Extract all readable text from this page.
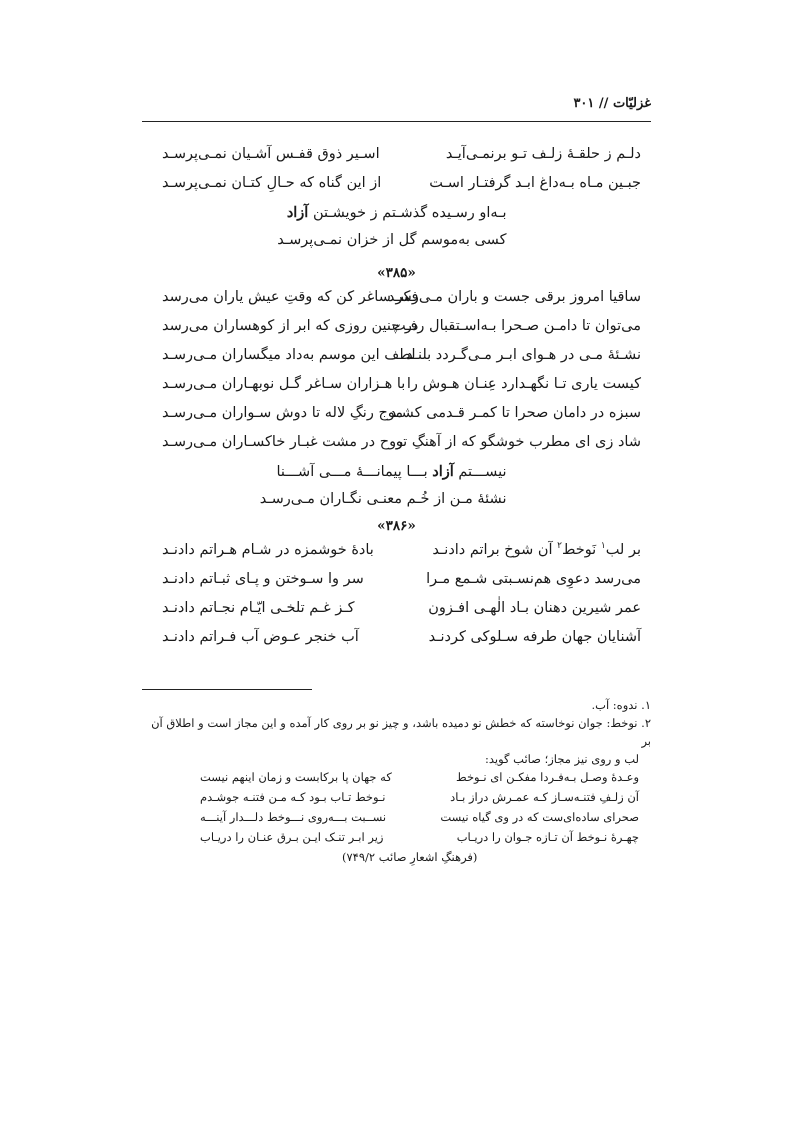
غزلیّات // ۳۰۱
دلـم ز حلقـهٔ زلـف تـو برنمـی‌آیـد
اسـیر ذوق قفـس آشـیان نمـی‌پرسـد
جبـین مـاه بـه‌داغ ابـد گرفتـار اسـت
از این گناه که حـالِ کتـان نمـی‌پرسـد
بـه‌او رسـیده گذشـتم ز خویشـتن آزاد
کسی به‌موسم گل از خزان نمـی‌پرسـد
«۳۸۵»
ساقیا امروز برقی جست و باران مـی‌رسـد
فکر ساغر کن که وقتِ عیش یاران می‌رسد
می‌توان تا دامـن صـحرا بـه‌اسـتقبال رفـت
در چنین روزی که ابر از کوهساران می‌رسد
نشـئهٔ مـی در هـوای ابـر مـی‌گـردد بلنـد
لطف این موسم به‌داد میگساران مـی‌رسـد
کیست یاری تـا نگهـدارد عِنـان هـوش را
با هـزاران سـاغر گـل نوبهـاران مـی‌رسـد
سبزه در دامان صحرا تا کمـر قـدمی کشـد
موج رنگِ لاله تا دوش سـواران مـی‌رسـد
شاد زی ای مطرب خوشگو که از آهنگِ تو
روح در مشت غبـار خاکسـاران مـی‌رسـد
نیســـتم آزاد بـــا پیمانـــهٔ مـــی آشـــنا
نشئهٔ مـن از خُـم معنـی نگـاران مـی‌رسـد
«۳۸۶»
بر لب$^۱$ نَوخط$^۲$ آن شوخ براتم دادنـد
بادهٔ خوشمزه در شـام هـراتم دادنـد
می‌رسد دعوِی هم‌نسـبتی شـمع مـرا
سر وا سـوختن و پـای ثبـاتم دادنـد
عمر شیرین دهنان بـاد الٰهـی افـزون
کـز غـم تلخـی ایّـام نجـاتم دادنـد
آشنایان جهان طرفه سـلوکی کردنـد
آب خنجر عـوض آب فـراتم دادنـد
۱. ندوه: آب.
۲. نوخط: جوان نوخاسته که خطش نو دمیده باشد، و چیز نو بر روی کار آمده و این مجاز است و اطلاق آن بر
لب و روی نیز مجاز؛ صائب گوید:
وعـدهٔ وصـل بـه‌فـردا مفکـن ای نـوخط
که جهان پا برکابست و زمان اینهم نیست
آن زلـفِ فتنـه‌سـاز کـه عمـرش دراز بـاد
نـوخط تـاب بـود کـه مـن فتنـه جوشـدم
صحرای ساده‌ای‌ست که در وی گیاه نیست
نســبت بـــه‌روی نـــوخط دلـــدار آینـــه
چهـرهٔ نـوخط آن تـازه جـوان را دریـاب
زیر ابـر تنـک ایـن بـرق عنـان را دریـاب
(فرهنگِ اشعارِ صائب ۷۴۹/۲)
